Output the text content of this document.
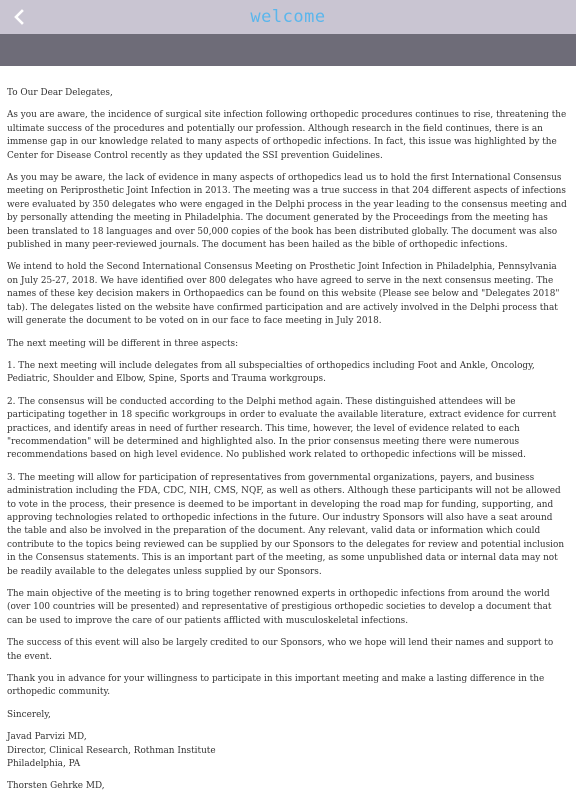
welcome

To Our Dear Delegates,

As you are aware, the incidence of surgical site infection following orthopedic procedures continues to rise, threatening the ultimate success of the procedures and potentially our profession. Although research in the field continues, there is an immense gap in our knowledge related to many aspects of orthopedic infections. In fact, this issue was highlighted by the Center for Disease Control recently as they updated the SSI prevention Guidelines.

As you may be aware, the lack of evidence in many aspects of orthopedics lead us to hold the first International Consensus meeting on Periprosthetic Joint Infection in 2013. The meeting was a true success in that 204 different aspects of infections were evaluated by 350 delegates who were engaged in the Delphi process in the year leading to the consensus meeting and by personally attending the meeting in Philadelphia. The document generated by the Proceedings from the meeting has been translated to 18 languages and over 50,000 copies of the book has been distributed globally. The document was also published in many peer-reviewed journals. The document has been hailed as the bible of orthopedic infections.

We intend to hold the Second International Consensus Meeting on Prosthetic Joint Infection in Philadelphia, Pennsylvania on July 25-27, 2018. We have identified over 800 delegates who have agreed to serve in the next consensus meeting. The names of these key decision makers in Orthopaedics can be found on this website (Please see below and "Delegates 2018" tab). The delegates listed on the website have confirmed participation and are actively involved in the Delphi process that will generate the document to be voted on in our face to face meeting in July 2018.

The next meeting will be different in three aspects:

1. The next meeting will include delegates from all subspecialties of orthopedics including Foot and Ankle, Oncology, Pediatric, Shoulder and Elbow, Spine, Sports and Trauma workgroups.

2. The consensus will be conducted according to the Delphi method again. These distinguished attendees will be participating together in 18 specific workgroups in order to evaluate the available literature, extract evidence for current practices, and identify areas in need of further research. This time, however, the level of evidence related to each "recommendation" will be determined and highlighted also. In the prior consensus meeting there were numerous recommendations based on high level evidence. No published work related to orthopedic infections will be missed.

3. The meeting will allow for participation of representatives from governmental organizations, payers, and business administration including the FDA, CDC, NIH, CMS, NQF, as well as others. Although these participants will not be allowed to vote in the process, their presence is deemed to be important in developing the road map for funding, supporting, and approving technologies related to orthopedic infections in the future. Our industry Sponsors will also have a seat around the table and also be involved in the preparation of the document. Any relevant, valid data or information which could contribute to the topics being reviewed can be supplied by our Sponsors to the delegates for review and potential inclusion in the Consensus statements. This is an important part of the meeting, as some unpublished data or internal data may not be readily available to the delegates unless supplied by our Sponsors.

The main objective of the meeting is to bring together renowned experts in orthopedic infections from around the world (over 100 countries will be presented) and representative of prestigious orthopedic societies to develop a document that can be used to improve the care of our patients afflicted with musculoskeletal infections.

The success of this event will also be largely credited to our Sponsors, who we hope will lend their names and support to the event.

Thank you in advance for your willingness to participate in this important meeting and make a lasting difference in the orthopedic community.

Sincerely,

Javad Parvizi MD,

Director, Clinical Research, Rothman Institute

Philadelphia, PA

Thorsten Gehrke MD,
